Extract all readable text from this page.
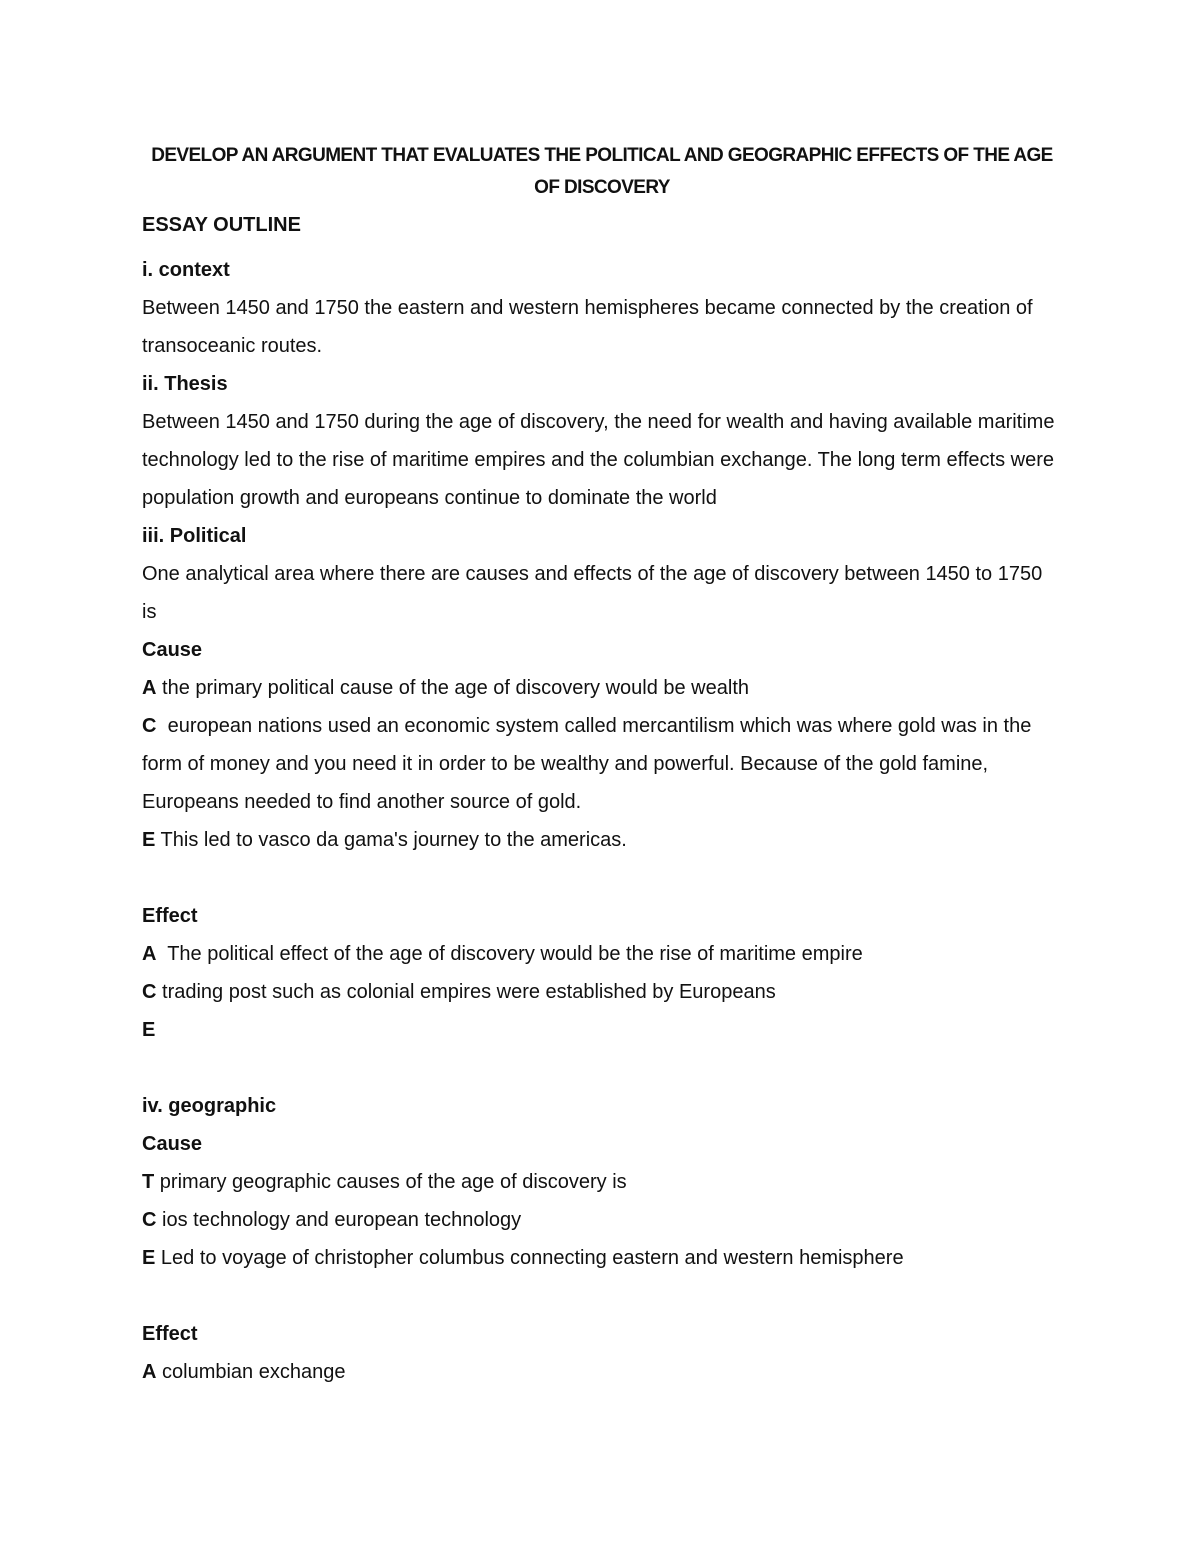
DEVELOP AN ARGUMENT THAT EVALUATES THE POLITICAL AND GEOGRAPHIC EFFECTS OF THE AGE OF DISCOVERY
ESSAY OUTLINE
i. context
Between 1450 and 1750 the eastern and western hemispheres became connected by the creation of transoceanic routes.
ii. Thesis
Between 1450 and 1750 during the age of discovery, the need for wealth and having available maritime technology led to the rise of maritime empires and the columbian exchange. The long term effects were population growth and europeans continue to dominate the world
iii. Political
One analytical area where there are causes and effects of the age of discovery between 1450 to 1750 is
Cause
A the primary political cause of the age of discovery would be wealth
C european nations used an economic system called mercantilism which was where gold was in the form of money and you need it in order to be wealthy and powerful. Because of the gold famine, Europeans needed to find another source of gold.
E This led to vasco da gama's journey to the americas.
Effect
A The political effect of the age of discovery would be the rise of maritime empire
C trading post such as colonial empires were established by Europeans
E
iv. geographic
Cause
T primary geographic causes of the age of discovery is
C ios technology and european technology
E Led to voyage of christopher columbus connecting eastern and western hemisphere
Effect
A columbian exchange
